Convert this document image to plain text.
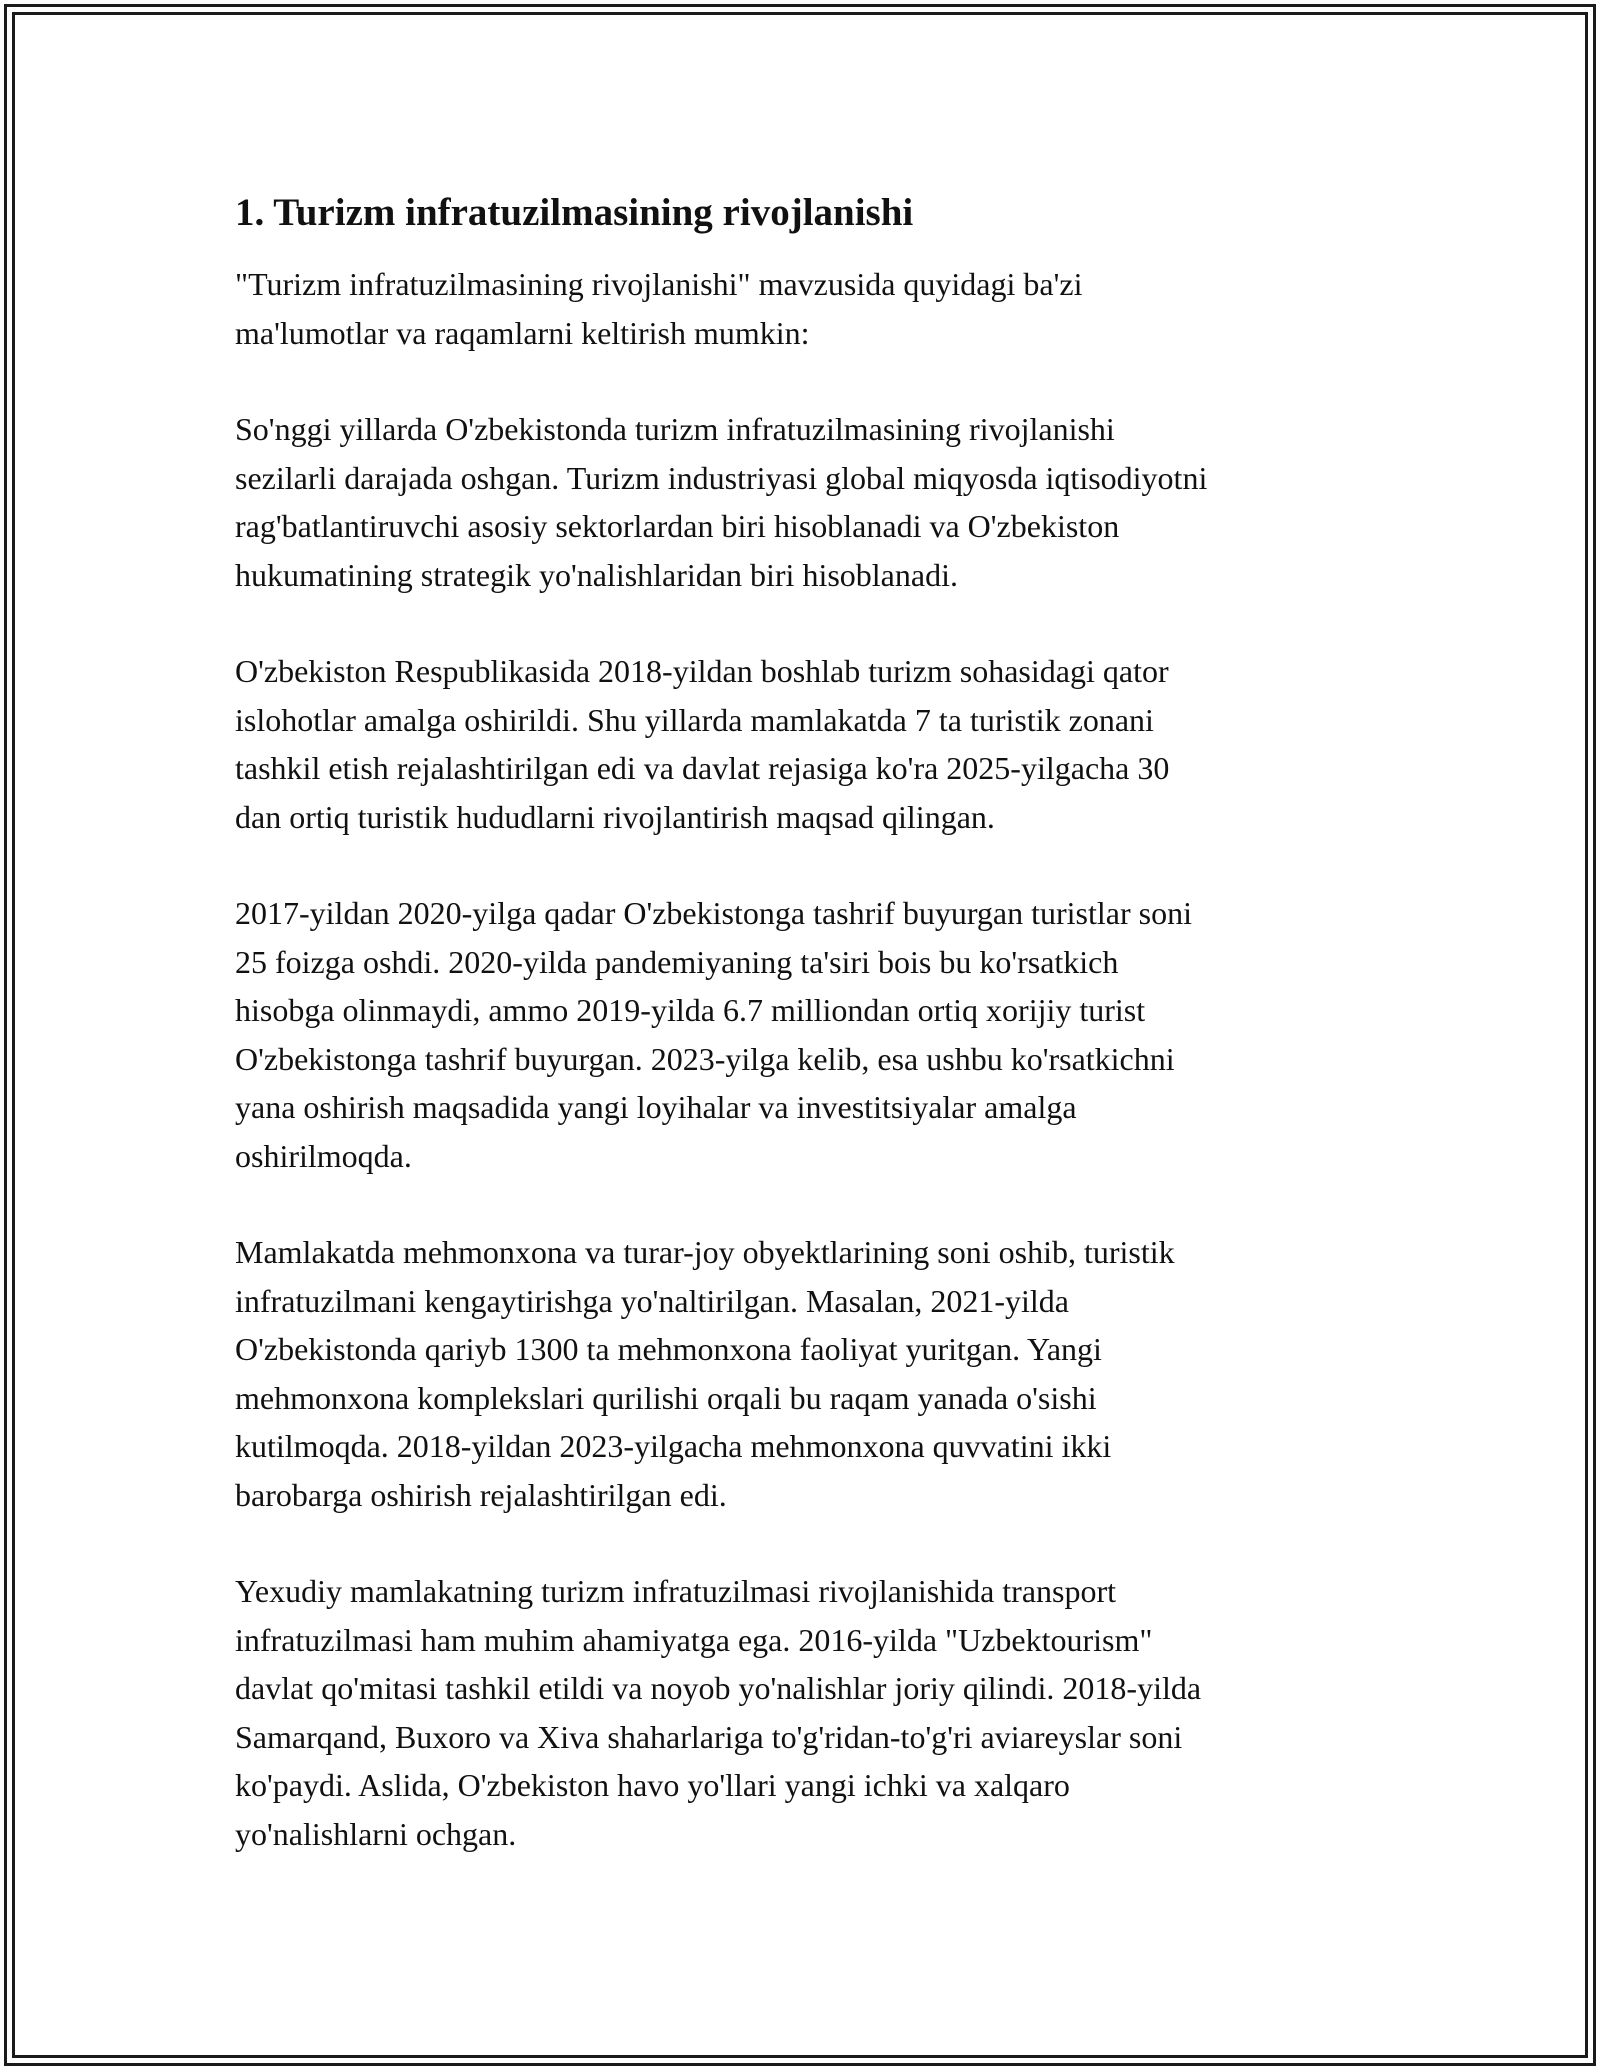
1. Turizm infratuzilmasining rivojlanishi

"Turizm infratuzilmasining rivojlanishi" mavzusida quyidagi ba'zi
ma'lumotlar va raqamlarni keltirish mumkin:

So'nggi yillarda O'zbekistonda turizm infratuzilmasining rivojlanishi
sezilarli darajada oshgan. Turizm industriyasi global miqyosda iqtisodiyotni
rag'batlantiruvchi asosiy sektorlardan biri hisoblanadi va O'zbekiston
hukumatining strategik yo'nalishlaridan biri hisoblanadi.

O'zbekiston Respublikasida 2018-yildan boshlab turizm sohasidagi qator
islohotlar amalga oshirildi. Shu yillarda mamlakatda 7 ta turistik zonani
tashkil etish rejalashtirilgan edi va davlat rejasiga ko'ra 2025-yilgacha 30
dan ortiq turistik hududlarni rivojlantirish maqsad qilingan.

2017-yildan 2020-yilga qadar O'zbekistonga tashrif buyurgan turistlar soni
25 foizga oshdi. 2020-yilda pandemiyaning ta'siri bois bu ko'rsatkich
hisobga olinmaydi, ammo 2019-yilda 6.7 milliondan ortiq xorijiy turist
O'zbekistonga tashrif buyurgan. 2023-yilga kelib, esa ushbu ko'rsatkichni
yana oshirish maqsadida yangi loyihalar va investitsiyalar amalga
oshirilmoqda.

Mamlakatda mehmonxona va turar-joy obyektlarining soni oshib, turistik
infratuzilmani kengaytirishga yo'naltirilgan. Masalan, 2021-yilda
O'zbekistonda qariyb 1300 ta mehmonxona faoliyat yuritgan. Yangi
mehmonxona komplekslari qurilishi orqali bu raqam yanada o'sishi
kutilmoqda. 2018-yildan 2023-yilgacha mehmonxona quvvatini ikki
barobarga oshirish rejalashtirilgan edi.

Yexudiy mamlakatning turizm infratuzilmasi rivojlanishida transport
infratuzilmasi ham muhim ahamiyatga ega. 2016-yilda "Uzbektourism"
davlat qo'mitasi tashkil etildi va noyob yo'nalishlar joriy qilindi. 2018-yilda
Samarqand, Buxoro va Xiva shaharlariga to'g'ridan-to'g'ri aviareyslar soni
ko'paydi. Aslida, O'zbekiston havo yo'llari yangi ichki va xalqaro
yo'nalishlarni ochgan.
